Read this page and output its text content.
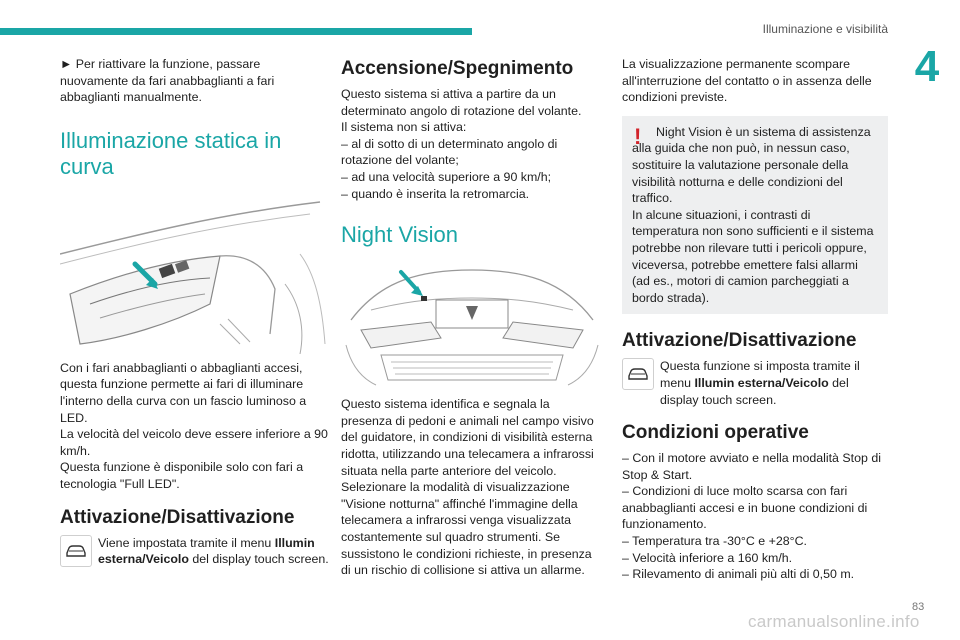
Illuminazione e visibilità
4

► Per riattivare la funzione, passare nuovamente da fari anabbaglianti a fari abbaglianti manualmente.

Illuminazione statica in curva

Con i fari anabbaglianti o abbaglianti accesi, questa funzione permette ai fari di illuminare l'interno della curva con un fascio luminoso a LED.

La velocità del veicolo deve essere inferiore a 90 km/h.

Questa funzione è disponibile solo con fari a tecnologia "Full LED".

Attivazione/Disattivazione

Viene impostata tramite il menu Illumin esterna/Veicolo del display touch screen.

Accensione/Spegnimento

Questo sistema si attiva a partire da un determinato angolo di rotazione del volante.

Il sistema non si attiva:

– al di sotto di un determinato angolo di rotazione del volante;

– ad una velocità superiore a 90 km/h;

– quando è inserita la retromarcia.

Night Vision

Questo sistema identifica e segnala la presenza di pedoni e animali nel campo visivo del guidatore, in condizioni di visibilità esterna ridotta, utilizzando una telecamera a infrarossi situata nella parte anteriore del veicolo.

Selezionare la modalità di visualizzazione "Visione notturna" affinché l'immagine della telecamera a infrarossi venga visualizzata costantemente sul quadro strumenti. Se sussistono le condizioni richieste, in presenza di un rischio di collisione si attiva un allarme.

La visualizzazione permanente scompare all'interruzione del contatto o in assenza delle condizioni previste.

!	Night Vision è un sistema di assistenza alla guida che non può, in nessun caso, sostituire la valutazione personale della visibilità notturna e delle condizioni del traffico.

In alcune situazioni, i contrasti di temperatura non sono sufficienti e il sistema potrebbe non rilevare tutti i pericoli oppure, viceversa, potrebbe emettere falsi allarmi (ad es., motori di camion parcheggiati a bordo strada).

Attivazione/Disattivazione

Questa funzione si imposta tramite il menu Illumin esterna/Veicolo del display touch screen.

Condizioni operative

– Con il motore avviato e nella modalità Stop di Stop & Start.

– Condizioni di luce molto scarsa con fari anabbaglianti accesi e in buone condizioni di funzionamento.

– Temperatura tra -30°C e +28°C.

– Velocità inferiore a 160 km/h.

– Rilevamento di animali più alti di 0,50 m.

83
carmanualsonline.info
